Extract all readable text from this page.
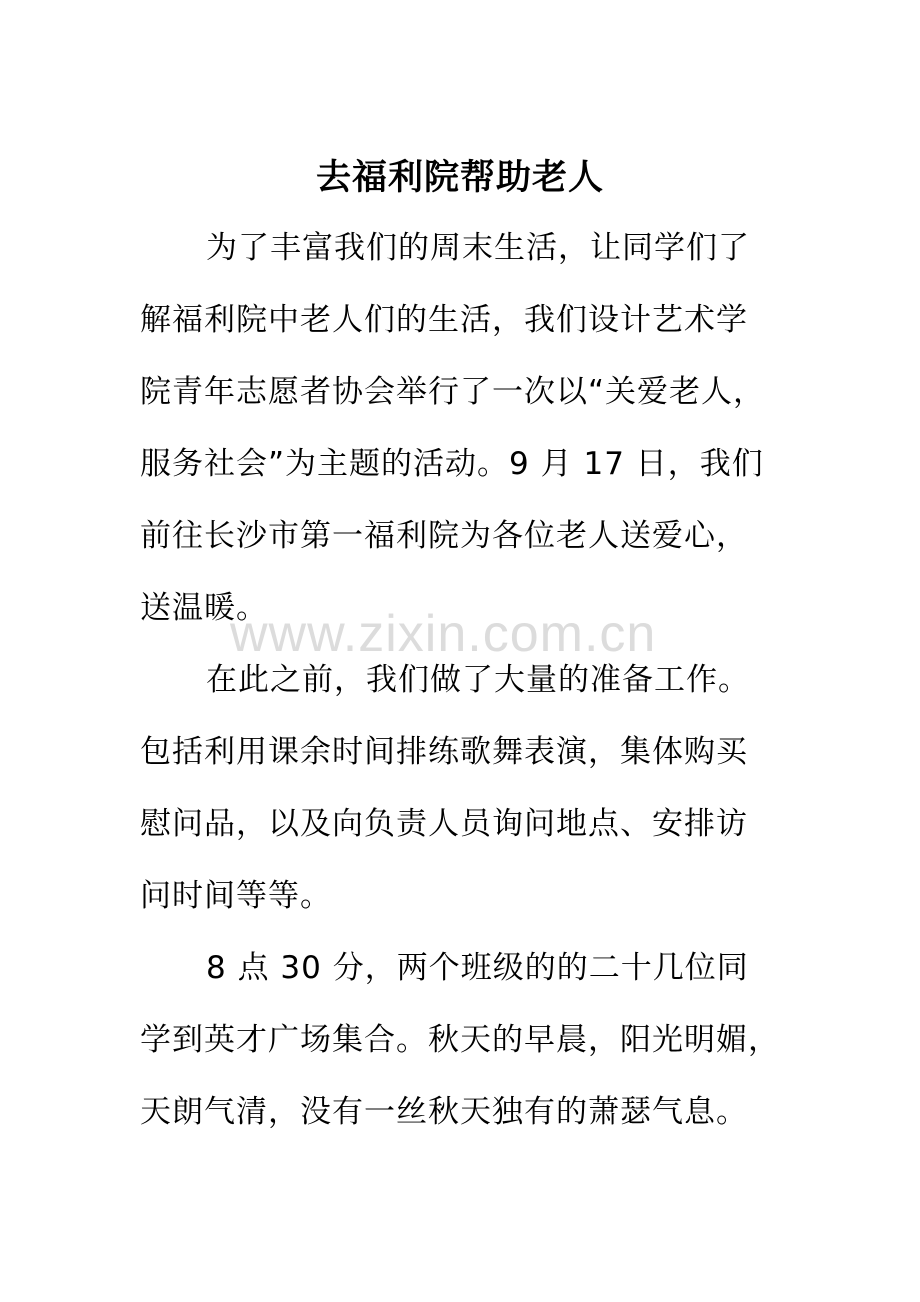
去福利院帮助老人
为了丰富我们的周末生活，让同学们了
解福利院中老人们的生活，我们设计艺术学
院青年志愿者协会举行了一次以“关爱老人，
服务社会”为主题的活动。9 月 17 日，我们
前往长沙市第一福利院为各位老人送爱心，
送温暖。
在此之前，我们做了大量的准备工作。
包括利用课余时间排练歌舞表演，集体购买
慰问品，以及向负责人员询问地点、安排访
问时间等等。
8 点 30 分，两个班级的的二十几位同
学到英才广场集合。秋天的早晨，阳光明媚，
天朗气清，没有一丝秋天独有的萧瑟气息。
www.zixin.com.cn
